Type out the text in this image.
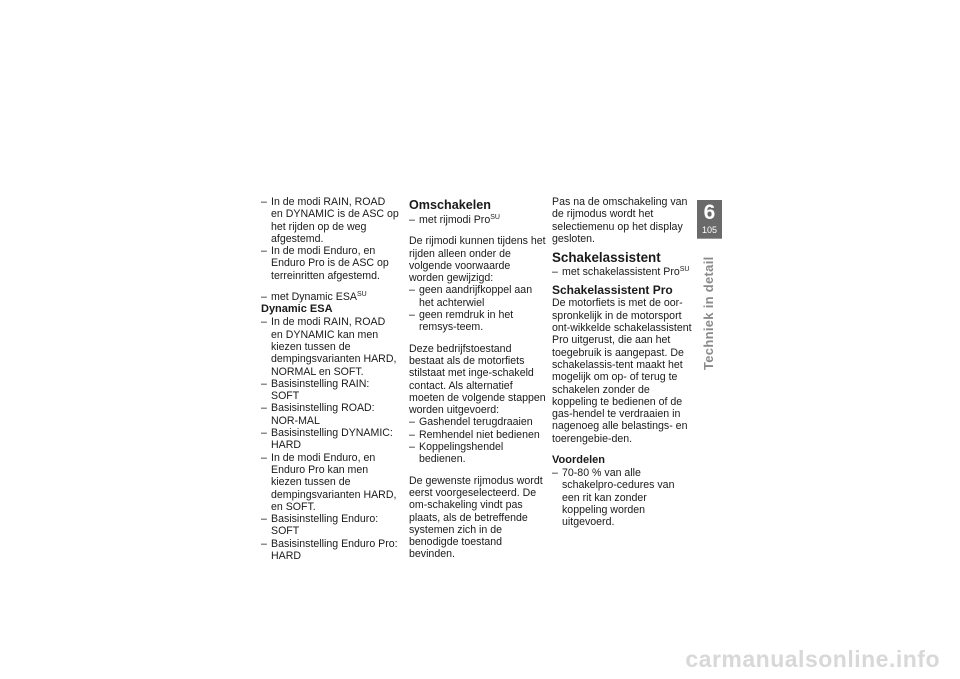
– In de modi RAIN, ROAD en DYNAMIC is de ASC op het rijden op de weg afgestemd.
– In de modi Enduro, en Enduro Pro is de ASC op terreinritten afgestemd.
– met Dynamic $ESA^{SU}$
Dynamic ESA
– In de modi RAIN, ROAD en DYNAMIC kan men kiezen tussen de dempingsvarianten HARD, NORMAL en SOFT.
– Basisinstelling RAIN: SOFT
– Basisinstelling ROAD: NOR-MAL
– Basisinstelling DYNAMIC: HARD
– In de modi Enduro, en Enduro Pro kan men kiezen tussen de dempingsvarianten HARD, en SOFT.
– Basisinstelling Enduro: SOFT
– Basisinstelling Enduro Pro: HARD
Omschakelen
– met rijmodi Pro$^{SU}$

De rijmodi kunnen tijdens het rijden alleen onder de volgende voorwaarde worden gewijzigd:

– geen aandrijfkoppel aan het achterwiel
– geen remdruk in het remsys-teem.

Deze bedrijfstoestand bestaat als de motorfiets stilstaat met inge-schakeld contact. Als alternatief moeten de volgende stappen worden uitgevoerd:

– Gashendel terugdraaien
– Remhendel niet bedienen
– Koppelingshendel bedienen.

De gewenste rijmodus wordt eerst voorgeselecteerd. De om-schakeling vindt pas plaats, als de betreffende systemen zich in de benodigde toestand bevinden.

Pas na de omschakeling van de rijmodus wordt het selectiemenu op het display gesloten.

Schakelassistent
– met schakelassistent Pro$^{SU}$
Schakelassistent Pro

De motorfiets is met de oor-spronkelijk in de motorsport ont-wikkelde schakelassistent Pro uitgerust, die aan het toegebruik is aangepast. De schakelassis-tent maakt het mogelijk om op- of terug te schakelen zonder de koppeling te bedienen of de gas-hendel te verdraaien in nagenoeg alle belastings- en toerengebie-den.

Voordelen
– 70-80 % van alle schakelpro-cedures van een rit kan zonder koppeling worden uitgevoerd.
6
105
Techniek in detail
carmanualsonline.info
